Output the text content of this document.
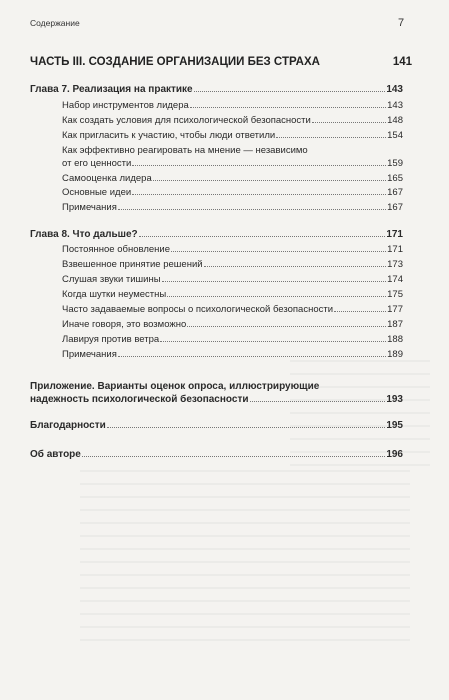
Содержание	7
ЧАСТЬ III. СОЗДАНИЕ ОРГАНИЗАЦИИ БЕЗ СТРАХА	141
Глава 7. Реализация на практике	143
Набор инструментов лидера	143
Как создать условия для психологической безопасности	148
Как пригласить к участию, чтобы люди ответили	154
Как эффективно реагировать на мнение — независимо
от его ценности	159
Самооценка лидера	165
Основные идеи	167
Примечания	167
Глава 8. Что дальше?	171
Постоянное обновление	171
Взвешенное принятие решений	173
Слушая звуки тишины	174
Когда шутки неуместны	175
Часто задаваемые вопросы о психологической безопасности	177
Иначе говоря, это возможно	187
Лавируя против ветра	188
Примечания	189
Приложение. Варианты оценок опроса, иллюстрирующие
надежность психологической безопасности	193
Благодарности	195
Об авторе	196
